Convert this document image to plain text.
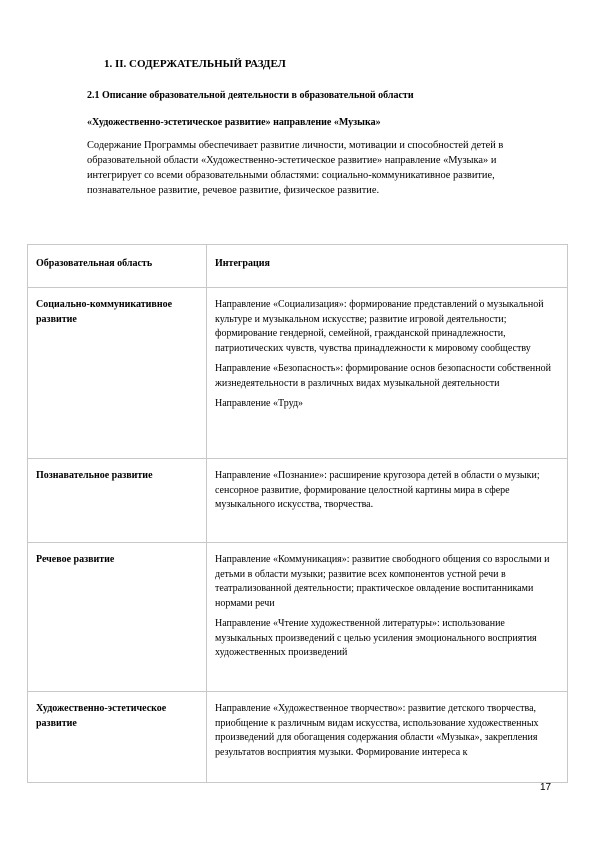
1. II. СОДЕРЖАТЕЛЬНЫЙ РАЗДЕЛ
2.1 Описание образовательной деятельности в образовательной области
«Художественно-эстетическое развитие» направление «Музыка»
Содержание Программы обеспечивает развитие личности, мотивации и способностей детей в образовательной области «Художественно-эстетическое развитие» направление «Музыка» и интегрирует со всеми образовательными областями: социально-коммуникативное развитие, познавательное развитие, речевое развитие, физическое развитие.
Образовательная область	Интеграция
Социально-коммуникативное развитие	Направление «Социализация»: формирование представлений о музыкальной культуре и музыкальном искусстве; развитие игровой деятельности; формирование гендерной, семейной, гражданской принадлежности, патриотических чувств, чувства принадлежности к мировому сообществу

Направление «Безопасность»: формирование основ безопасности собственной жизнедеятельности в различных видах музыкальной деятельности

Направление «Труд»

Познавательное развитие	Направление «Познание»: расширение кругозора детей в области о музыки; сенсорное развитие, формирование целостной картины мира в сфере музыкального искусства, творчества.

Речевое развитие	Направление «Коммуникация»: развитие свободного общения со взрослыми и детьми в области музыки; развитие всех компонентов устной речи в театрализованной деятельности; практическое овладение воспитанниками нормами речи

Направление «Чтение художественной литературы»: использование музыкальных произведений с целью усиления эмоционального восприятия художественных произведений

Художественно-эстетическое развитие	Направление «Художественное творчество»: развитие детского творчества, приобщение к различным видам искусства, использование художественных произведений для обогащения содержания области «Музыка», закрепления результатов восприятия музыки. Формирование интереса к

17
